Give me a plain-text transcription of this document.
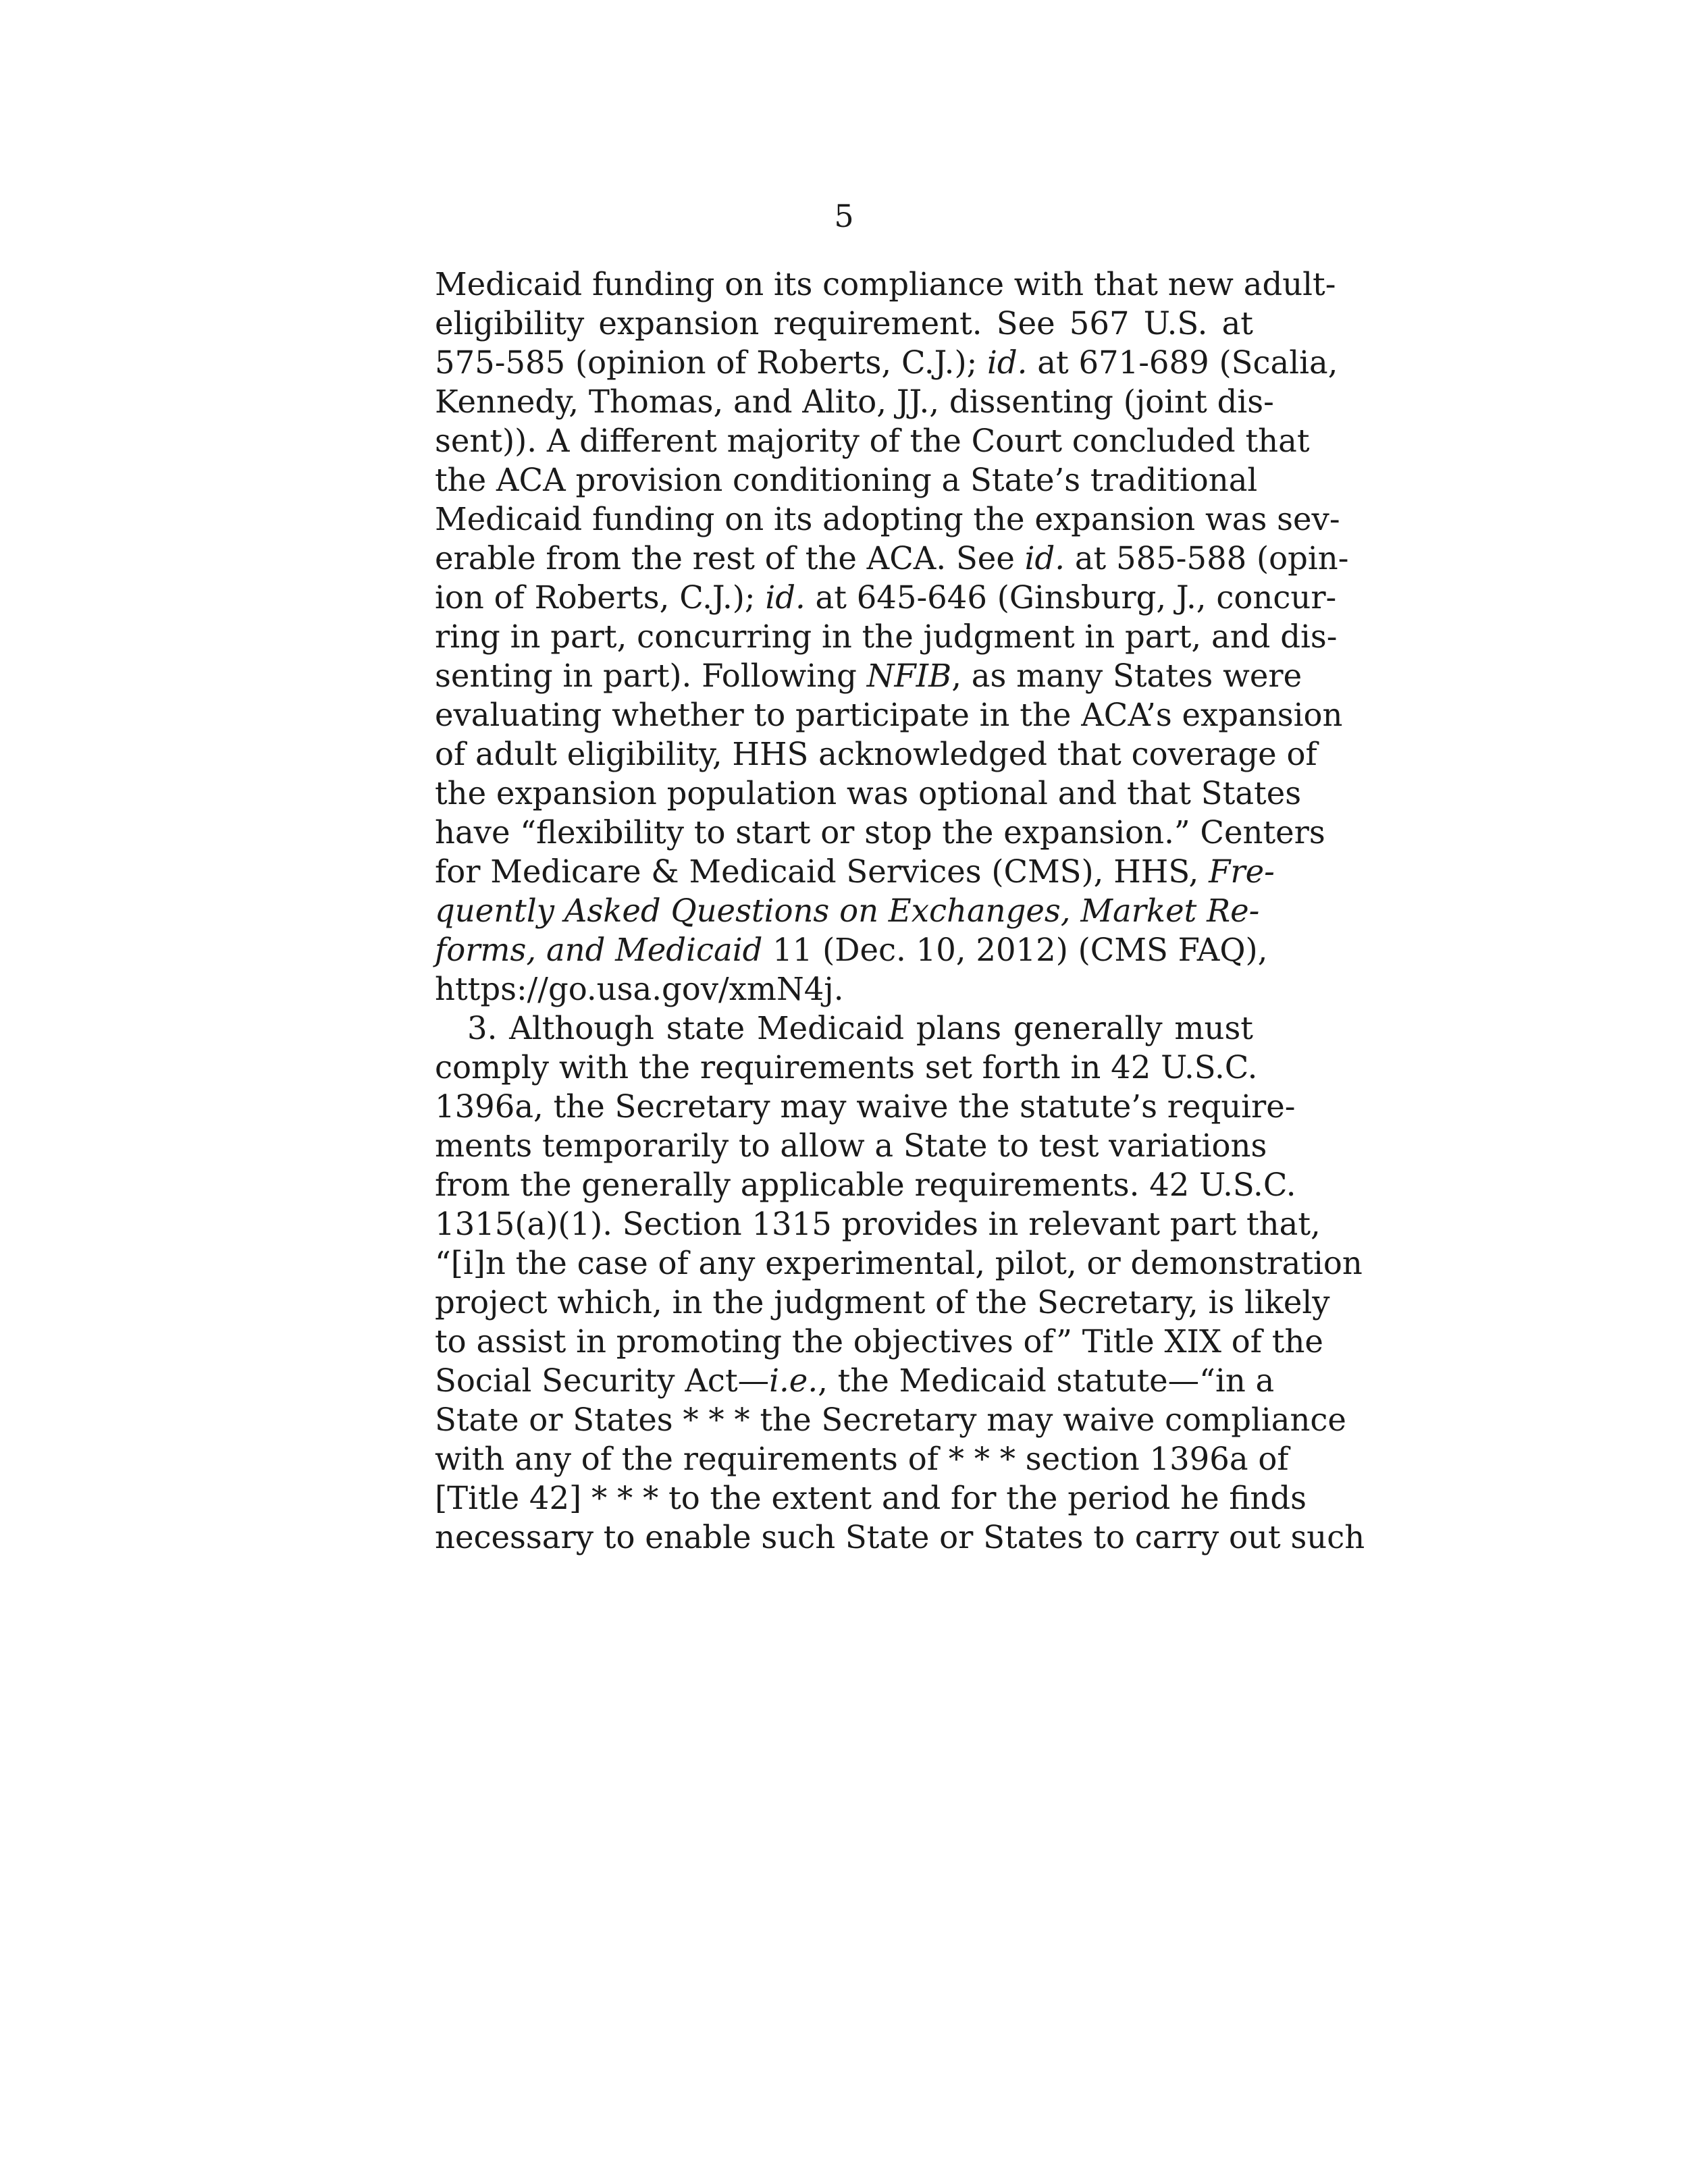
5
Medicaid funding on its compliance with that new adult-
eligibility expansion requirement. See 567 U.S. at
575-585 (opinion of Roberts, C.J.); id. at 671-689 (Scalia,
Kennedy, Thomas, and Alito, JJ., dissenting (joint dis-
sent)). A different majority of the Court concluded that
the ACA provision conditioning a State’s traditional
Medicaid funding on its adopting the expansion was sev-
erable from the rest of the ACA. See id. at 585-588 (opin-
ion of Roberts, C.J.); id. at 645-646 (Ginsburg, J., concur-
ring in part, concurring in the judgment in part, and dis-
senting in part). Following NFIB, as many States were
evaluating whether to participate in the ACA’s expansion
of adult eligibility, HHS acknowledged that coverage of
the expansion population was optional and that States
have “flexibility to start or stop the expansion.” Centers
for Medicare & Medicaid Services (CMS), HHS, Fre-
quently Asked Questions on Exchanges, Market Re-
forms, and Medicaid 11 (Dec. 10, 2012) (CMS FAQ),
https://go.usa.gov/xmN4j.
3. Although state Medicaid plans generally must
comply with the requirements set forth in 42 U.S.C.
1396a, the Secretary may waive the statute’s require-
ments temporarily to allow a State to test variations
from the generally applicable requirements. 42 U.S.C.
1315(a)(1). Section 1315 provides in relevant part that,
“[i]n the case of any experimental, pilot, or demonstration
project which, in the judgment of the Secretary, is likely
to assist in promoting the objectives of” Title XIX of the
Social Security Act—i.e., the Medicaid statute—“in a
State or States * * * the Secretary may waive compliance
with any of the requirements of * * * section 1396a of
[Title 42] * * * to the extent and for the period he finds
necessary to enable such State or States to carry out such
